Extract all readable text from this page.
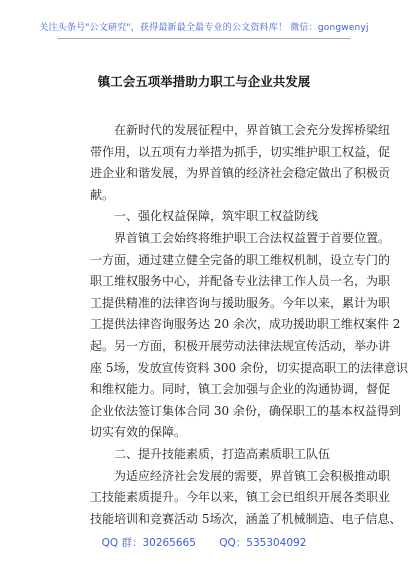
关注头条号"公文研究"，获得最新最全最专业的公文资料库！ 微信：gongwenyj
镇工会五项举措助力职工与企业共发展
在新时代的发展征程中，界首镇工会充分发挥桥梁纽
带作用，以五项有力举措为抓手，切实维护职工权益，促
进企业和谐发展，为界首镇的经济社会稳定做出了积极贡
献。
一、强化权益保障，筑牢职工权益防线
界首镇工会始终将维护职工合法权益置于首要位置。
一方面，通过建立健全完备的职工维权机制，设立专门的
职工维权服务中心，并配备专业法律工作人员一名，为职
工提供精准的法律咨询与援助服务。今年以来，累计为职
工提供法律咨询服务达 20 余次，成功援助职工维权案件 2
起。另一方面，积极开展劳动法律法规宣传活动，举办讲
座 5场，发放宣传资料 300 余份，切实提高职工的法律意识
和维权能力。同时，镇工会加强与企业的沟通协调，督促
企业依法签订集体合同 30 余份，确保职工的基本权益得到
切实有效的保障。
二、提升技能素质，打造高素质职工队伍
为适应经济社会发展的需要，界首镇工会积极推动职
工技能素质提升。今年以来，镇工会已组织开展各类职业
技能培训和竞赛活动 5场次，涵盖了机械制造、电子信息、
QQ 群：30265665 QQ：535304092
